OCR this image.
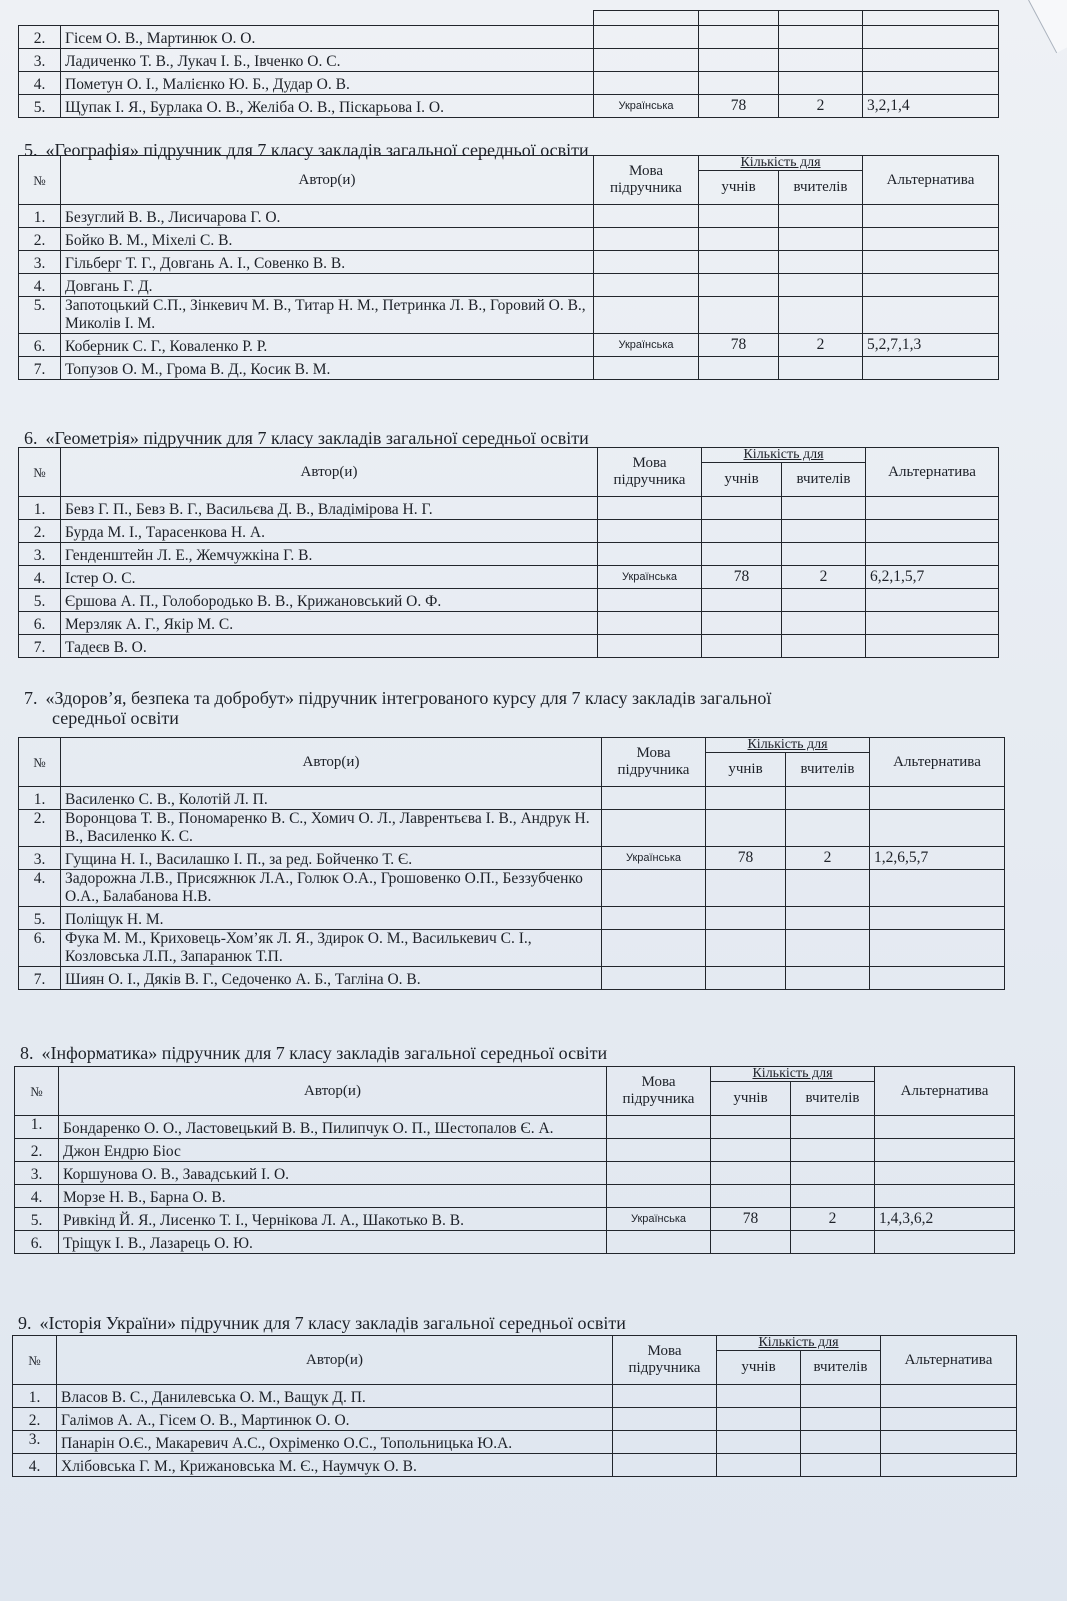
2.	Гісем О. В., Мартинюк О. О.				
3.	Ладиченко Т. В., Лукач І. Б., Івченко О. С.				
4.	Пометун О. І., Малієнко Ю. Б., Дудар О. В.				
5.	Щупак І. Я., Бурлака О. В., Желіба О. В., Піскарьова І. О.	Українська	78	2	3,2,1,4
5. «Географія» підручник для 7 класу закладів загальної середньої освіти
№	Автор(и)	Мова підручника	Кількість для		Альтернатива
			учнів	вчителів	
1.	Безуглий В. В., Лисичарова Г. О.				
2.	Бойко В. М., Міхелі С. В.				
3.	Гільберг Т. Г., Довгань А. І., Совенко В. В.				
4.	Довгань Г. Д.				
5.	Запотоцький С.П., Зінкевич М. В., Титар Н. М., Петринка Л. В., Горовий О. В., Миколів І. М.				
6.	Коберник С. Г., Коваленко Р. Р.	Українська	78	2	5,2,7,1,3
7.	Топузов О. М., Грома В. Д., Косик В. М.				
6. «Геометрія» підручник для 7 класу закладів загальної середньої освіти
№	Автор(и)	Мова підручника	Кількість для		Альтернатива
			учнів	вчителів	
1.	Бевз Г. П., Бевз В. Г., Васильєва Д. В., Владімірова Н. Г.				
2.	Бурда М. І., Тарасенкова Н. А.				
3.	Генденштейн Л. Е., Жемчужкіна Г. В.				
4.	Істер О. С.	Українська	78	2	6,2,1,5,7
5.	Єршова А. П., Голобородько В. В., Крижановський О. Ф.				
6.	Мерзляк А. Г., Якір М. С.				
7.	Тадеєв В. О.				
7. «Здоров’я, безпека та добробут» підручник інтегрованого курсу для 7 класу закладів загальної
середньої освіти
№	Автор(и)	Мова підручника	Кількість для		Альтернатива
			учнів	вчителів	
1.	Василенко С. В., Колотій Л. П.				
2.	Воронцова Т. В., Пономаренко В. С., Хомич О. Л., Лаврентьєва І. В., Андрук Н. В., Василенко К. С.				
3.	Гущина Н. І., Василашко І. П., за ред. Бойченко Т. Є.	Українська	78	2	1,2,6,5,7
4.	Задорожна Л.В., Присяжнюк Л.А., Голюк О.А., Грошовенко О.П., Беззубченко О.А., Балабанова Н.В.				
5.	Поліщук Н. М.				
6.	Фука М. М., Криховець-Хом’як Л. Я., Здирок О. М., Василькевич С. І., Козловська Л.П., Запаранюк Т.П.				
7.	Шиян О. І., Дяків В. Г., Седоченко А. Б., Тагліна О. В.				
8. «Інформатика» підручник для 7 класу закладів загальної середньої освіти
№	Автор(и)	Мова підручника	Кількість для		Альтернатива
			учнів	вчителів	
1.	Бондаренко О. О., Ластовецький В. В., Пилипчук О. П., Шестопалов Є. А.				
2.	Джон Ендрю Біос				
3.	Коршунова О. В., Завадський І. О.				
4.	Морзе Н. В., Барна О. В.				
5.	Ривкінд Й. Я., Лисенко Т. І., Чернікова Л. А., Шакотько В. В.	Українська	78	2	1,4,3,6,2
6.	Тріщук І. В., Лазарець О. Ю.				
9. «Історія України» підручник для 7 класу закладів загальної середньої освіти
№	Автор(и)	Мова підручника	Кількість для		Альтернатива
			учнів	вчителів	
1.	Власов В. С., Данилевська О. М., Ващук Д. П.				
2.	Галімов А. А., Гісем О. В., Мартинюк О. О.				
3.	Панарін О.Є., Макаревич А.С., Охріменко О.С., Топольницька Ю.А.				
4.	Хлібовська Г. М., Крижановська М. Є., Наумчук О. В.				
